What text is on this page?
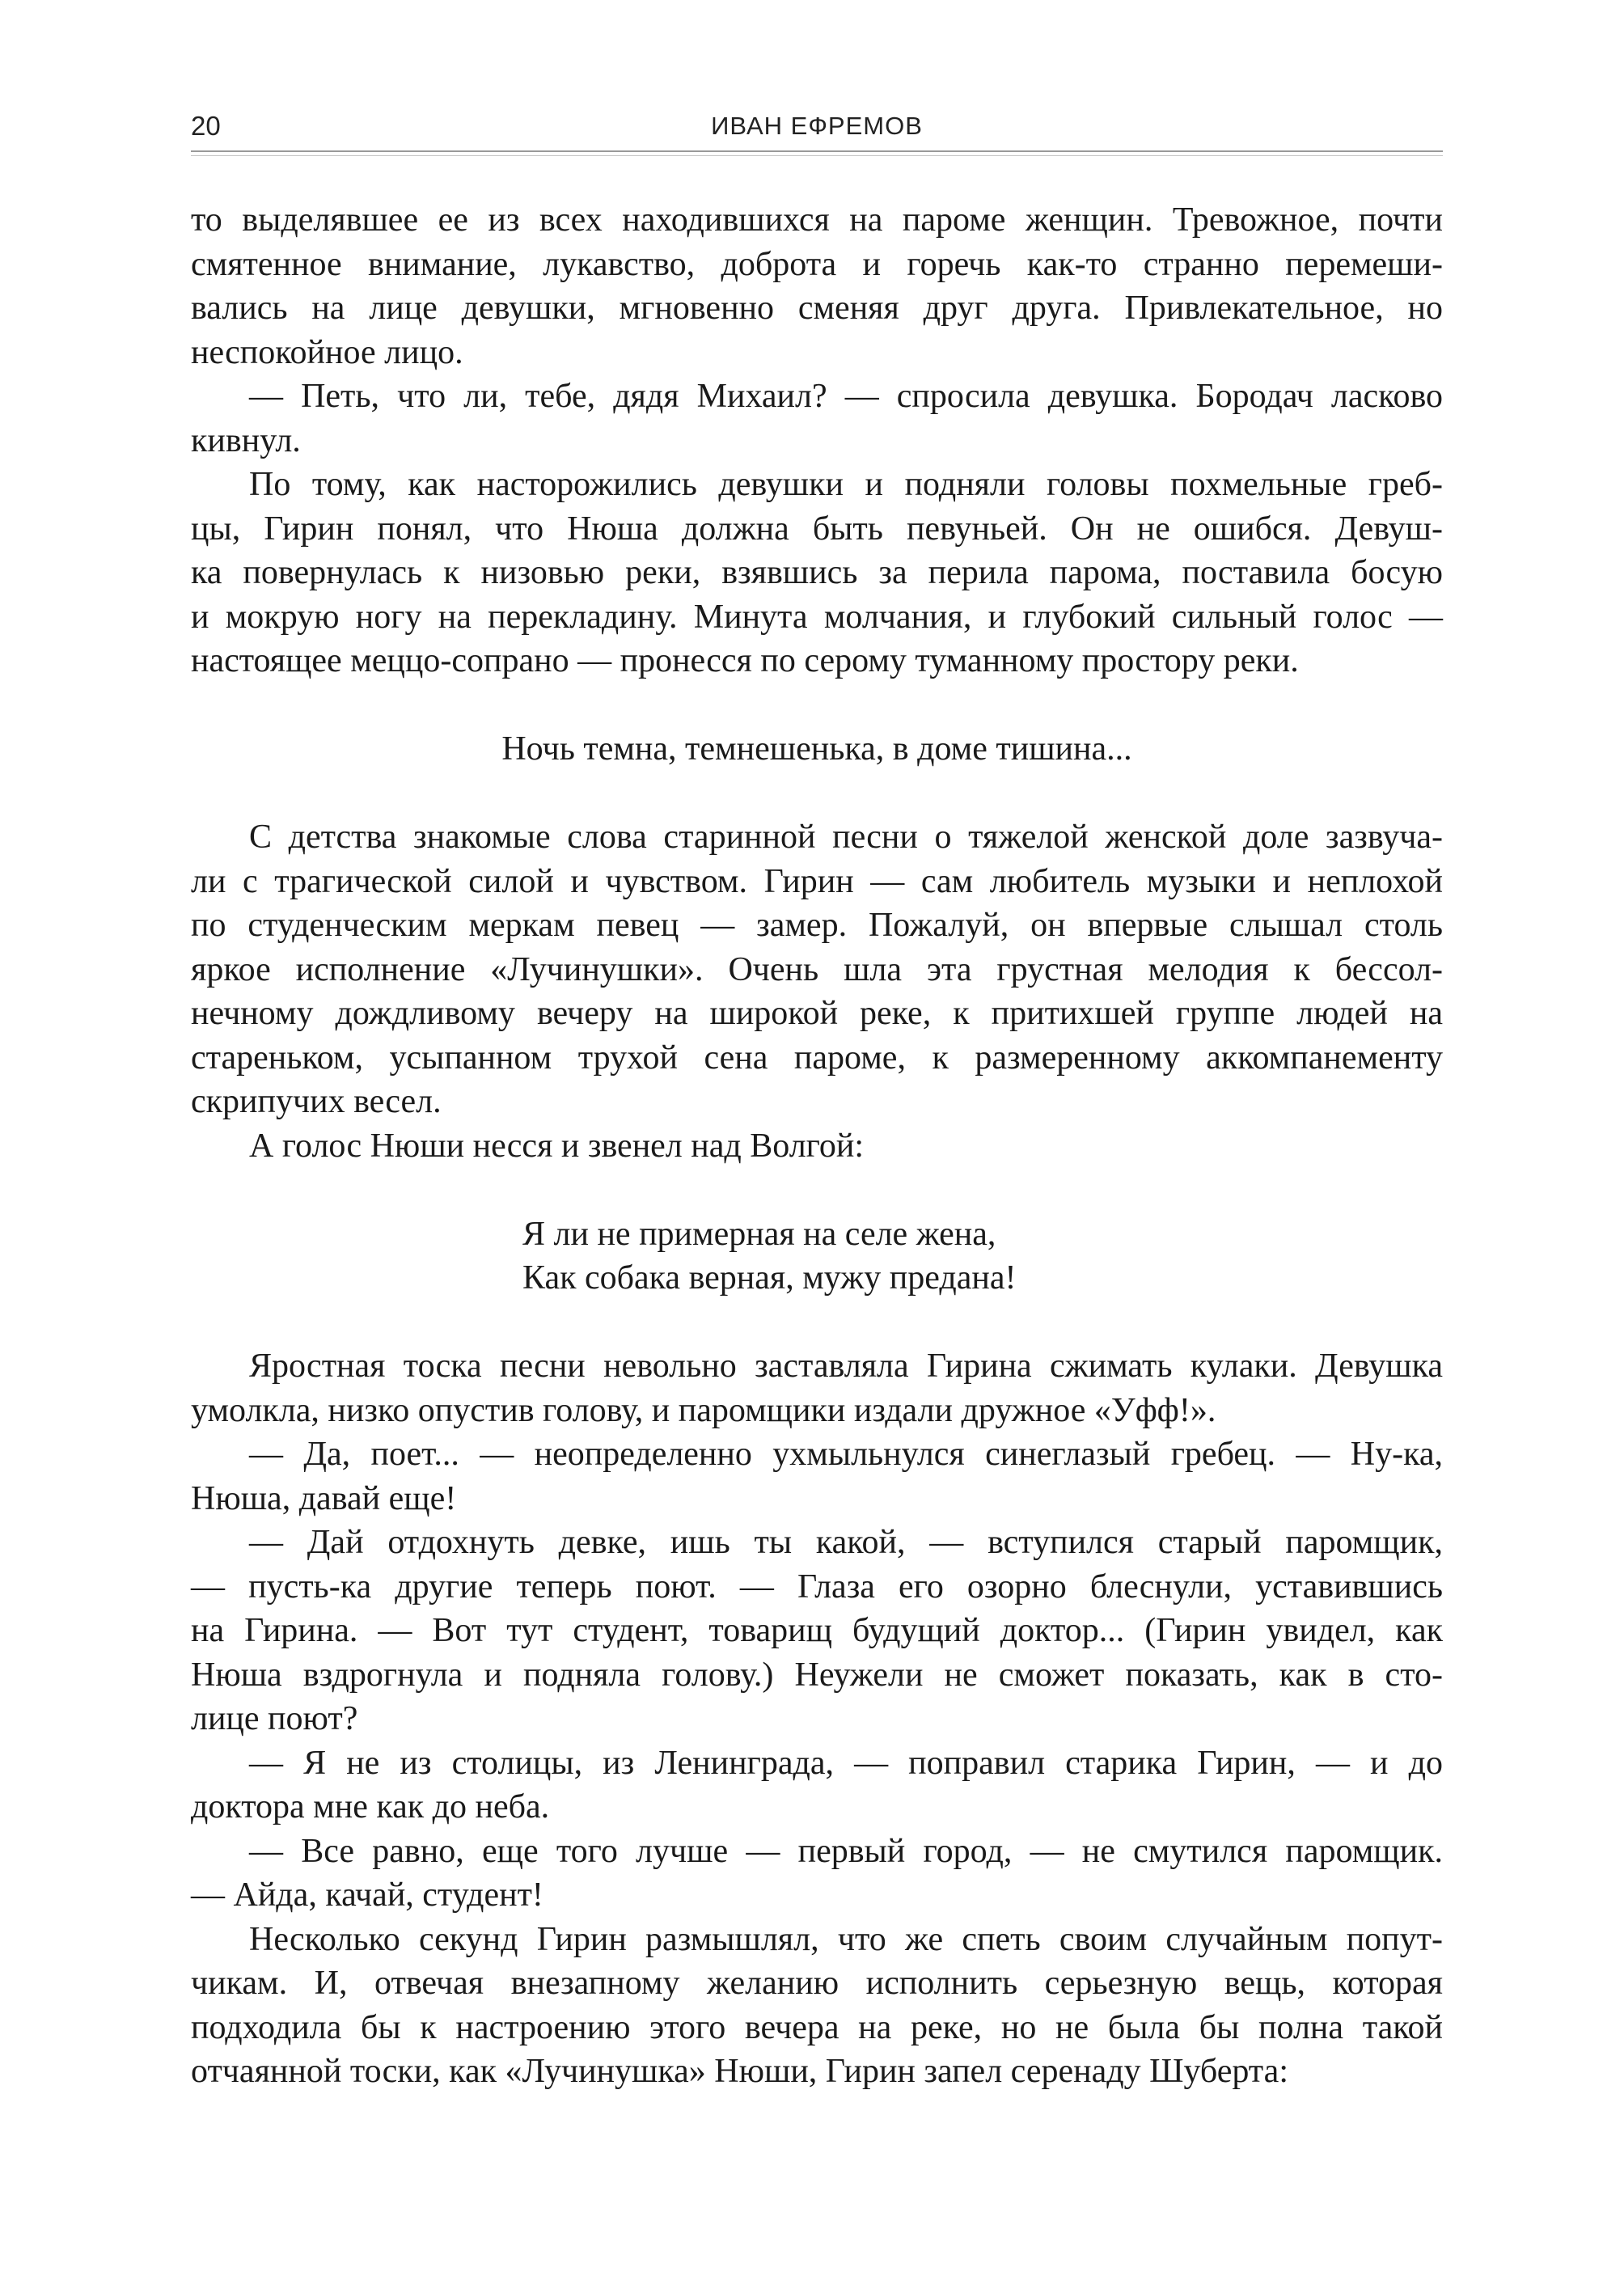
20	ИВАН ЕФРЕМОВ
то выделявшее ее из всех находившихся на пароме женщин. Тревожное, почти
смятенное внимание, лукавство, доброта и горечь как-то странно перемеши-
вались на лице девушки, мгновенно сменяя друг друга. Привлекательное, но
неспокойное лицо.
— Петь, что ли, тебе, дядя Михаил? — спросила девушка. Бородач ласково
кивнул.
По тому, как насторожились девушки и подняли головы похмельные греб-
цы, Гирин понял, что Нюша должна быть певуньей. Он не ошибся. Девуш-
ка повернулась к низовью реки, взявшись за перила парома, поставила босую
и мокрую ногу на перекладину. Минута молчания, и глубокий сильный голос —
настоящее меццо-сопрано — пронесся по серому туманному простору реки.
Ночь темна, темнешенька, в доме тишина...
С детства знакомые слова старинной песни о тяжелой женской доле зазвуча-
ли с трагической силой и чувством. Гирин — сам любитель музыки и неплохой
по студенческим меркам певец — замер. Пожалуй, он впервые слышал столь
яркое исполнение «Лучинушки». Очень шла эта грустная мелодия к бессол-
нечному дождливому вечеру на широкой реке, к притихшей группе людей на
стареньком, усыпанном трухой сена пароме, к размеренному аккомпанементу
скрипучих весел.
А голос Нюши несся и звенел над Волгой:
Я ли не примерная на селе жена,
Как собака верная, мужу предана!
Яростная тоска песни невольно заставляла Гирина сжимать кулаки. Девушка
умолкла, низко опустив голову, и паромщики издали дружное «Уфф!».
— Да, поет... — неопределенно ухмыльнулся синеглазый гребец. — Ну-ка,
Нюша, давай еще!
— Дай отдохнуть девке, ишь ты какой, — вступился старый паромщик,
— пусть-ка другие теперь поют. — Глаза его озорно блеснули, уставившись
на Гирина. — Вот тут студент, товарищ будущий доктор... (Гирин увидел, как
Нюша вздрогнула и подняла голову.) Неужели не сможет показать, как в сто-
лице поют?
— Я не из столицы, из Ленинграда, — поправил старика Гирин, — и до
доктора мне как до неба.
— Все равно, еще того лучше — первый город, — не смутился паромщик.
— Айда, качай, студент!
Несколько секунд Гирин размышлял, что же спеть своим случайным попут-
чикам. И, отвечая внезапному желанию исполнить серьезную вещь, которая
подходила бы к настроению этого вечера на реке, но не была бы полна такой
отчаянной тоски, как «Лучинушка» Нюши, Гирин запел серенаду Шуберта:
